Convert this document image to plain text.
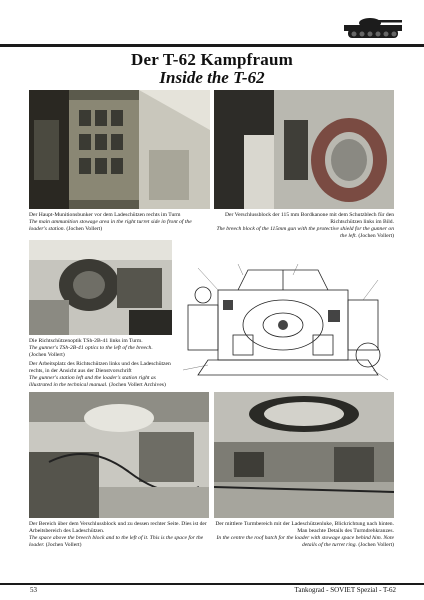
Der T-62 Kampfraum
Inside the T-62
Der Haupt-Munitionsbunker vor dem Ladeschützen rechts im Turm
The main ammunition stowage area in the right turret side in front of the loader's station. (Jochen Vollert)
Der Verschlussblock der 115 mm Bordkanone mit dem Schutzblech für den Richtschützen links im Bild.
The breech block of the 115mm gun with the protective shield for the gunner on the left. (Jochen Vollert)
Die Richtschützenoptik TSh-2B-41 links im Turm.
The gunner's TSh-2B-41 optics to the left of the breech.
(Jochen Vollert)
Der Arbeitsplatz des Richtschützen links und des Ladeschützen rechts, in der Ansicht aus der Dienstvorschrift
The gunner's station left and the loader's station right as illustrated in the technical manual. (Jochen Vollert Archives)
Der Bereich über dem Verschlussblock und zu dessen rechter Seite. Dies ist der Arbeitsbereich des Ladeschützen.
The space above the breech block and to the left of it. This is the space for the loader. (Jochen Vollert)
Der mittlere Turmbereich mit der Ladeschützenluke, Blickrichtung nach hinten. Man beachte Details des Turmdrehkranzes.
In the centre the roof hatch for the loader with stowage space behind him. Note details of the turret ring. (Jochen Vollert)
53	Tankograd - SOVIET Spezial - T-62
